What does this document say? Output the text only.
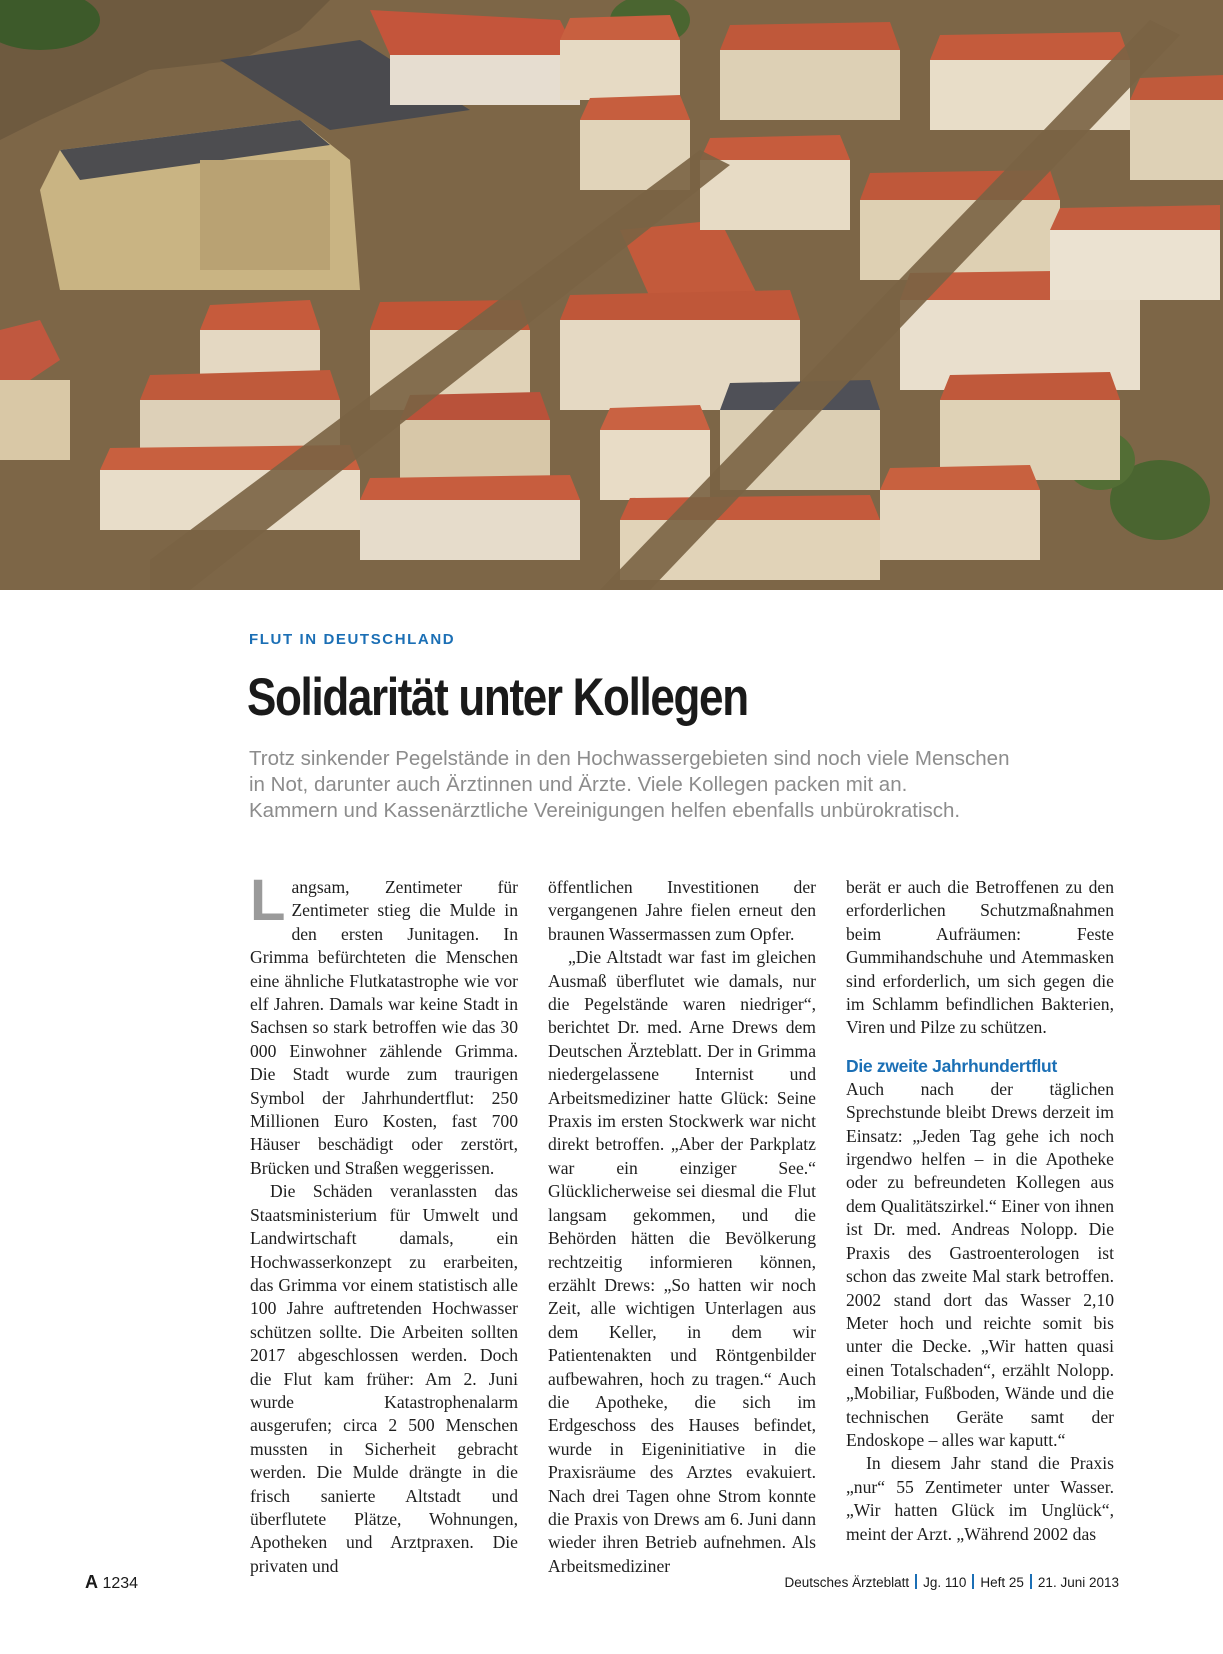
FLUT IN DEUTSCHLAND
Solidarität unter Kollegen
Trotz sinkender Pegelstände in den Hochwassergebieten sind noch viele Menschen
in Not, darunter auch Ärztinnen und Ärzte. Viele Kollegen packen mit an.
Kammern und Kassenärztliche Vereinigungen helfen ebenfalls unbürokratisch.

Langsam, Zentimeter für Zentimeter stieg die Mulde in den ersten Junitagen. In Grimma befürchteten die Menschen eine ähnliche Flutkatastrophe wie vor elf Jahren. Damals war keine Stadt in Sachsen so stark betroffen wie das 30 000 Einwohner zählende Grimma. Die Stadt wurde zum traurigen Symbol der Jahrhundertflut: 250 Millionen Euro Kosten, fast 700 Häuser beschädigt oder zerstört, Brücken und Straßen weggerissen.

Die Schäden veranlassten das Staatsministerium für Umwelt und Landwirtschaft damals, ein Hochwasserkonzept zu erarbeiten, das Grimma vor einem statistisch alle 100 Jahre auftretenden Hochwasser schützen sollte. Die Arbeiten sollten 2017 abgeschlossen werden. Doch die Flut kam früher: Am 2. Juni wurde Katastrophenalarm ausgerufen; circa 2 500 Menschen mussten in Sicherheit gebracht werden. Die Mulde drängte in die frisch sanierte Altstadt und überflutete Plätze, Wohnungen, Apotheken und Arztpraxen. Die privaten und

öffentlichen Investitionen der vergangenen Jahre fielen erneut den braunen Wassermassen zum Opfer.

„Die Altstadt war fast im gleichen Ausmaß überflutet wie damals, nur die Pegelstände waren niedriger“, berichtet Dr. med. Arne Drews dem Deutschen Ärzteblatt. Der in Grimma niedergelassene Internist und Arbeitsmediziner hatte Glück: Seine Praxis im ersten Stockwerk war nicht direkt betroffen. „Aber der Parkplatz war ein einziger See.“ Glücklicherweise sei diesmal die Flut langsam gekommen, und die Behörden hätten die Bevölkerung rechtzeitig informieren können, erzählt Drews: „So hatten wir noch Zeit, alle wichtigen Unterlagen aus dem Keller, in dem wir Patientenakten und Röntgenbilder aufbewahren, hoch zu tragen.“ Auch die Apotheke, die sich im Erdgeschoss des Hauses befindet, wurde in Eigeninitiative in die Praxisräume des Arztes evakuiert. Nach drei Tagen ohne Strom konnte die Praxis von Drews am 6. Juni dann wieder ihren Betrieb aufnehmen. Als Arbeitsmediziner

berät er auch die Betroffenen zu den erforderlichen Schutzmaßnahmen beim Aufräumen: Feste Gummihandschuhe und Atemmasken sind erforderlich, um sich gegen die im Schlamm befindlichen Bakterien, Viren und Pilze zu schützen.

Die zweite Jahrhundertflut

Auch nach der täglichen Sprechstunde bleibt Drews derzeit im Einsatz: „Jeden Tag gehe ich noch irgendwo helfen – in die Apotheke oder zu befreundeten Kollegen aus dem Qualitätszirkel.“ Einer von ihnen ist Dr. med. Andreas Nolopp. Die Praxis des Gastroenterologen ist schon das zweite Mal stark betroffen. 2002 stand dort das Wasser 2,10 Meter hoch und reichte somit bis unter die Decke. „Wir hatten quasi einen Totalschaden“, erzählt Nolopp. „Mobiliar, Fußboden, Wände und die technischen Geräte samt der Endoskope – alles war kaputt.“

In diesem Jahr stand die Praxis „nur“ 55 Zentimeter unter Wasser. „Wir hatten Glück im Unglück“, meint der Arzt. „Während 2002 das

A 1234	Deutsches Ärzteblatt Jg. 110 Heft 25 21. Juni 2013
